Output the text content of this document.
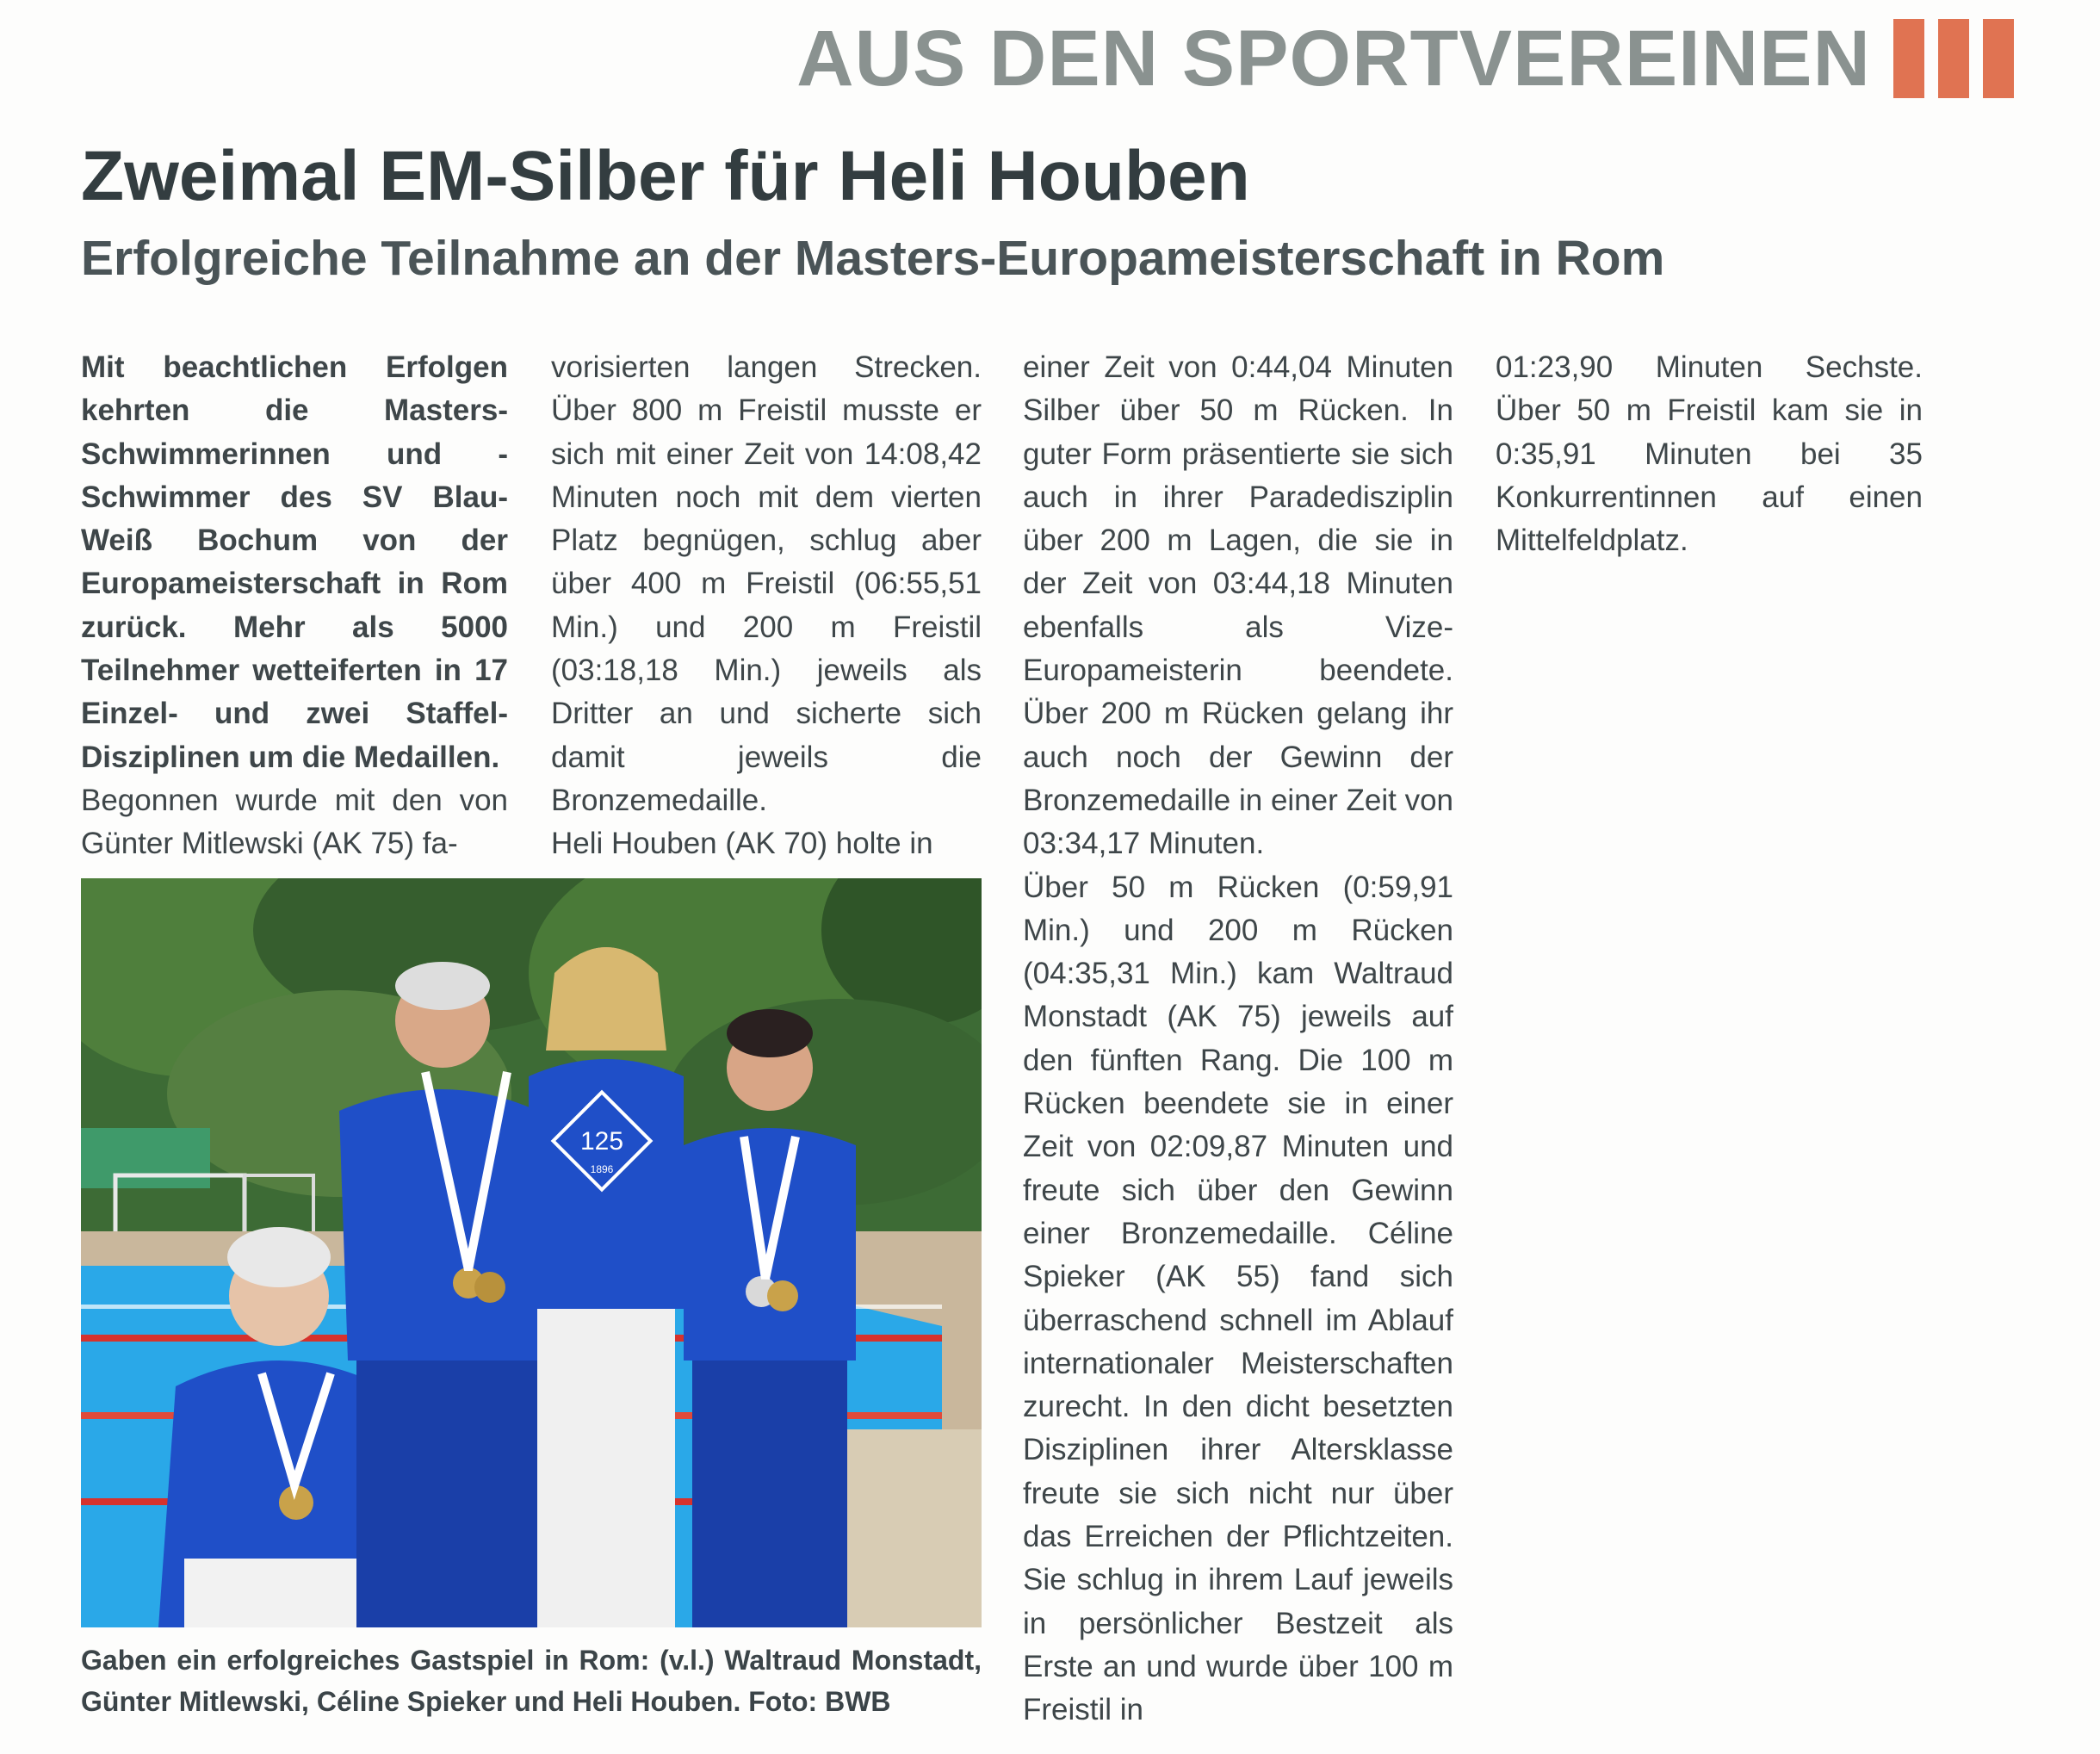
AUS DEN SPORTVEREINEN
Zweimal EM-Silber für Heli Houben
Erfolgreiche Teilnahme an der Masters-Europameisterschaft in Rom

Mit beachtlichen Erfolgen kehrten die Masters-Schwimmerinnen und -Schwimmer des SV Blau-Weiß Bochum von der Europameisterschaft in Rom zurück. Mehr als 5000 Teilnehmer wetteiferten in 17 Einzel- und zwei Staffel-Disziplinen um die Medaillen.

Begonnen wurde mit den von Günter Mitlewski (AK 75) fa-

vorisierten langen Strecken. Über 800 m Freistil musste er sich mit einer Zeit von 14:08,42 Minuten noch mit dem vierten Platz begnügen, schlug aber über 400 m Freistil (06:55,51 Min.) und 200 m Freistil (03:18,18 Min.) jeweils als Dritter an und sicherte sich damit jeweils die Bronzemedaille.

Heli Houben (AK 70) holte in

einer Zeit von 0:44,04 Minuten Silber über 50 m Rücken. In guter Form präsentierte sie sich auch in ihrer Paradedisziplin über 200 m Lagen, die sie in der Zeit von 03:44,18 Minuten ebenfalls als Vize-Europameisterin beendete. Über 200 m Rücken gelang ihr auch noch der Gewinn der Bronzemedaille in einer Zeit von 03:34,17 Minuten.

Über 50 m Rücken (0:59,91 Min.) und 200 m Rücken (04:35,31 Min.) kam Waltraud Monstadt (AK 75) jeweils auf den fünften Rang. Die 100 m Rücken beendete sie in einer Zeit von 02:09,87 Minuten und freute sich über den Gewinn einer Bronzemedaille. Céline Spieker (AK 55) fand sich überraschend schnell im Ablauf internationaler Meisterschaften zurecht. In den dicht besetzten Disziplinen ihrer Altersklasse freute sie sich nicht nur über das Erreichen der Pflichtzeiten. Sie schlug in ihrem Lauf jeweils in persönlicher Bestzeit als Erste an und wurde über 100 m Freistil in

01:23,90 Minuten Sechste. Über 50 m Freistil kam sie in 0:35,91 Minuten bei 35 Konkurrentinnen auf einen Mittelfeldplatz.

125
1896
Gaben ein erfolgreiches Gastspiel in Rom: (v.l.) Waltraud Monstadt, Günter Mitlewski, Céline Spieker und Heli Houben. Foto: BWB
